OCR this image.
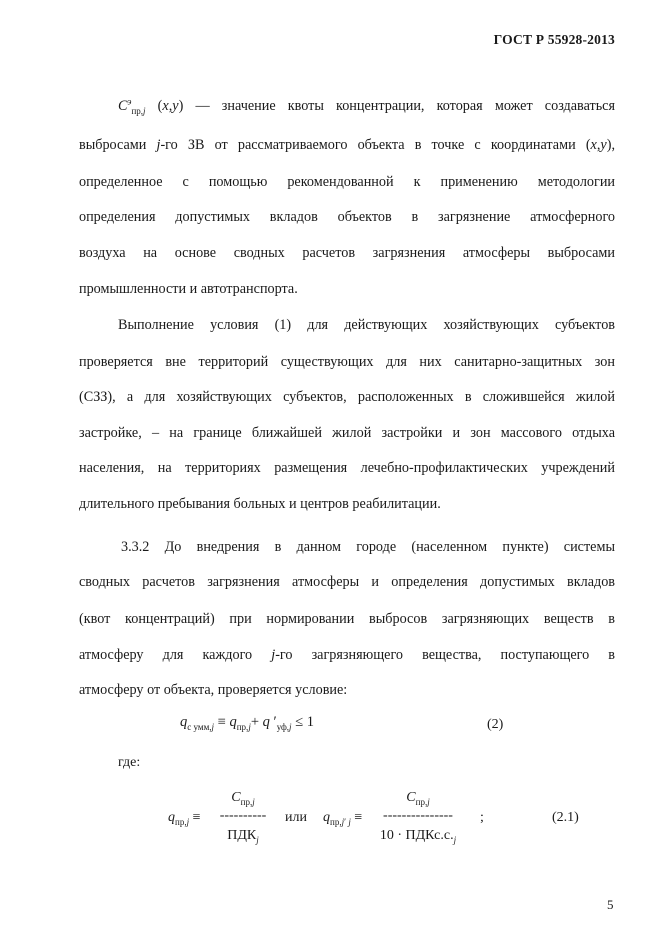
ГОСТ Р 55928-2013
$C^э_{пр,j}$ (x,y) — значение квоты концентрации, которая может создаваться
выбросами j-го ЗВ от рассматриваемого объекта в точке с координатами (x,y),
определенное с помощью рекомендованной к применению методологии
определения допустимых вкладов объектов в загрязнение атмосферного
воздуха на основе сводных расчетов загрязнения атмосферы выбросами
промышленности и автотранспорта.
Выполнение условия (1) для действующих хозяйствующих субъектов
проверяется вне территорий существующих для них санитарно-защитных зон
(СЗЗ), а для хозяйствующих субъектов, расположенных в сложившейся жилой
застройке, – на границе ближайшей жилой застройки и зон массового отдыха
населения, на территориях размещения лечебно-профилактических учреждений
длительного пребывания больных и центров реабилитации.
3.3.2 До внедрения в данном городе (населенном пункте) системы
сводных расчетов загрязнения атмосферы и определения допустимых вкладов
(квот концентраций) при нормировании выбросов загрязняющих веществ в
атмосферу для каждого j-го загрязняющего вещества, поступающего в
атмосферу от объекта, проверяется условие:
$q_{с умм,j} \equiv q_{пр,j}+ q$ $'_{уф,j} \le 1$	(2)
где:
$q_{пр,j}$ ≡
$C_{пр,j}$
----------
$ПДК_j$
или $q_{пр,j' j}$ ≡
$C_{пр,j}$
---------------
$10 \cdot ПДКс.с._j$
;	(2.1)
5
